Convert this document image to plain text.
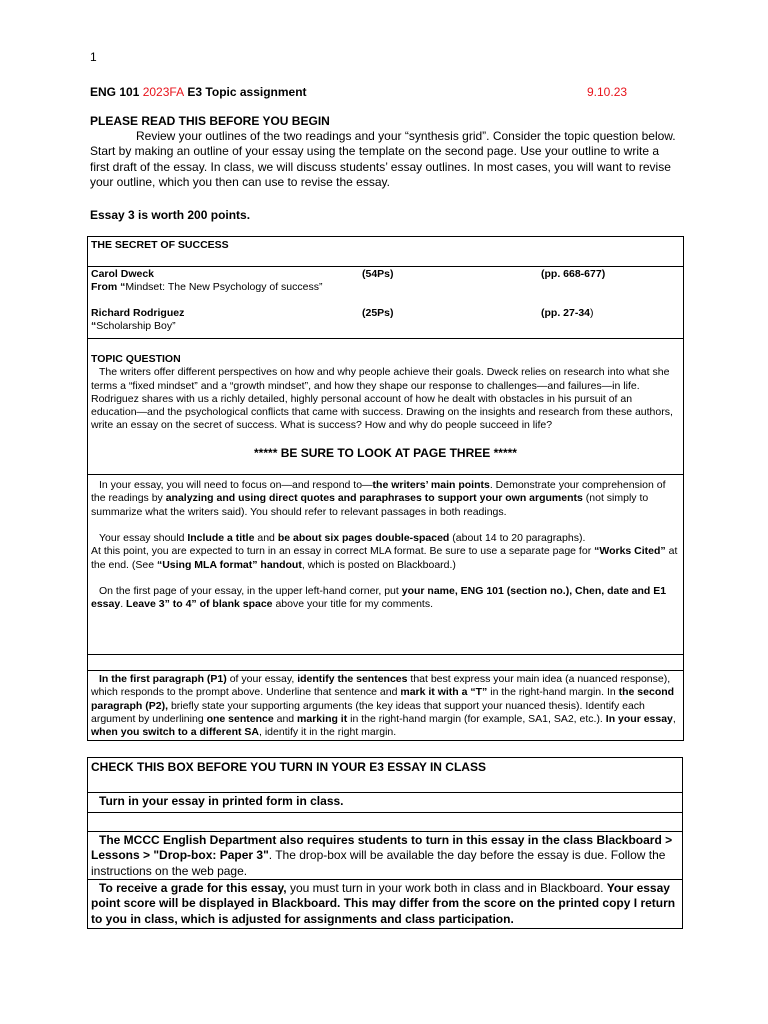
1
ENG 101 2023FA E3 Topic assignment	9.10.23
PLEASE READ THIS BEFORE YOU BEGIN
Review your outlines of the two readings and your “synthesis grid”. Consider the topic question below. Start by making an outline of your essay using the template on the second page. Use your outline to write a first draft of the essay. In class, we will discuss students’ essay outlines. In most cases, you will want to revise your outline, which you then can use to revise the essay.
Essay 3 is worth 200 points.
THE SECRET OF SUCCESS
Carol Dweck	(54Ps)	(pp. 668-677)
From “Mindset: The New Psychology of success”
Richard Rodriguez	(25Ps)	(pp. 27-34 )
“Scholarship Boy”
TOPIC QUESTION
The writers offer different perspectives on how and why people achieve their goals. Dweck relies on research into what she terms a “fixed mindset” and a “growth mindset”, and how they shape our response to challenges—and failures—in life. Rodriguez shares with us a richly detailed, highly personal account of how he dealt with obstacles in his pursuit of an education—and the psychological conflicts that came with success. Drawing on the insights and research from these authors, write an essay on the secret of success. What is success? How and why do people succeed in life?
***** BE SURE TO LOOK AT PAGE THREE *****
In your essay, you will need to focus on—and respond to—the writers’ main points. Demonstrate your comprehension of the readings by analyzing and using direct quotes and paraphrases to support your own arguments (not simply to summarize what the writers said). You should refer to relevant passages in both readings.
Your essay should Include a title and be about six pages double-spaced (about 14 to 20 paragraphs).
At this point, you are expected to turn in an essay in correct MLA format. Be sure to use a separate page for “Works Cited” at the end. (See “Using MLA format” handout, which is posted on Blackboard.)
On the first page of your essay, in the upper left-hand corner, put your name, ENG 101 (section no.), Chen, date and E1 essay. Leave 3” to 4” of blank space above your title for my comments.
In the first paragraph (P1) of your essay, identify the sentences that best express your main idea (a nuanced response), which responds to the prompt above. Underline that sentence and mark it with a “T” in the right-hand margin. In the second paragraph (P2), briefly state your supporting arguments (the key ideas that support your nuanced thesis). Identify each argument by underlining one sentence and marking it in the right-hand margin (for example, SA1, SA2, etc.). In your essay, when you switch to a different SA, identify it in the right margin.
CHECK THIS BOX BEFORE YOU TURN IN YOUR E3 ESSAY IN CLASS
Turn in your essay in printed form in class.
The MCCC English Department also requires students to turn in this essay in the class Blackboard > Lessons > "Drop-box: Paper 3". The drop-box will be available the day before the essay is due. Follow the instructions on the web page.
To receive a grade for this essay, you must turn in your work both in class and in Blackboard. Your essay point score will be displayed in Blackboard. This may differ from the score on the printed copy I return to you in class, which is adjusted for assignments and class participation.
